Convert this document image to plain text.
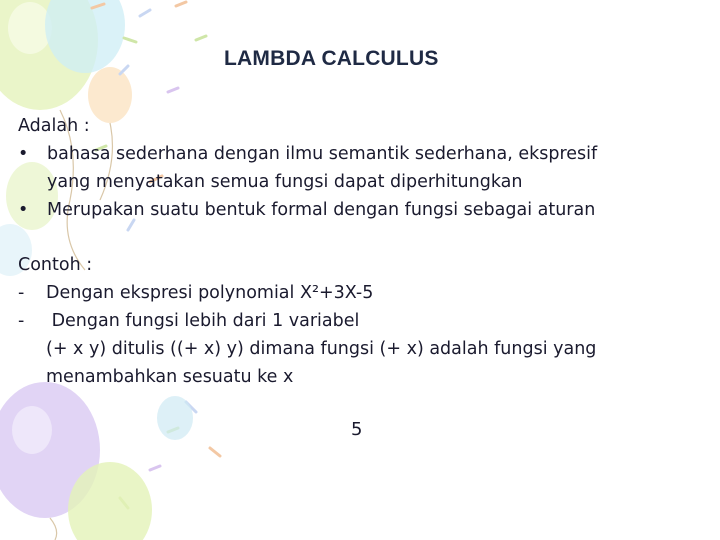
LAMBDA CALCULUS
Adalah :
• bahasa sederhana dengan ilmu semantik sederhana, ekspresif
yang menyatakan semua fungsi dapat diperhitungkan
• Merupakan suatu bentuk formal dengan fungsi sebagai aturan
Contoh :
- Dengan ekspresi polynomial X²+3X-5
- Dengan fungsi lebih dari 1 variabel
(+ x y) ditulis ((+ x) y) dimana fungsi (+ x) adalah fungsi yang
menambahkan sesuatu ke x
5
